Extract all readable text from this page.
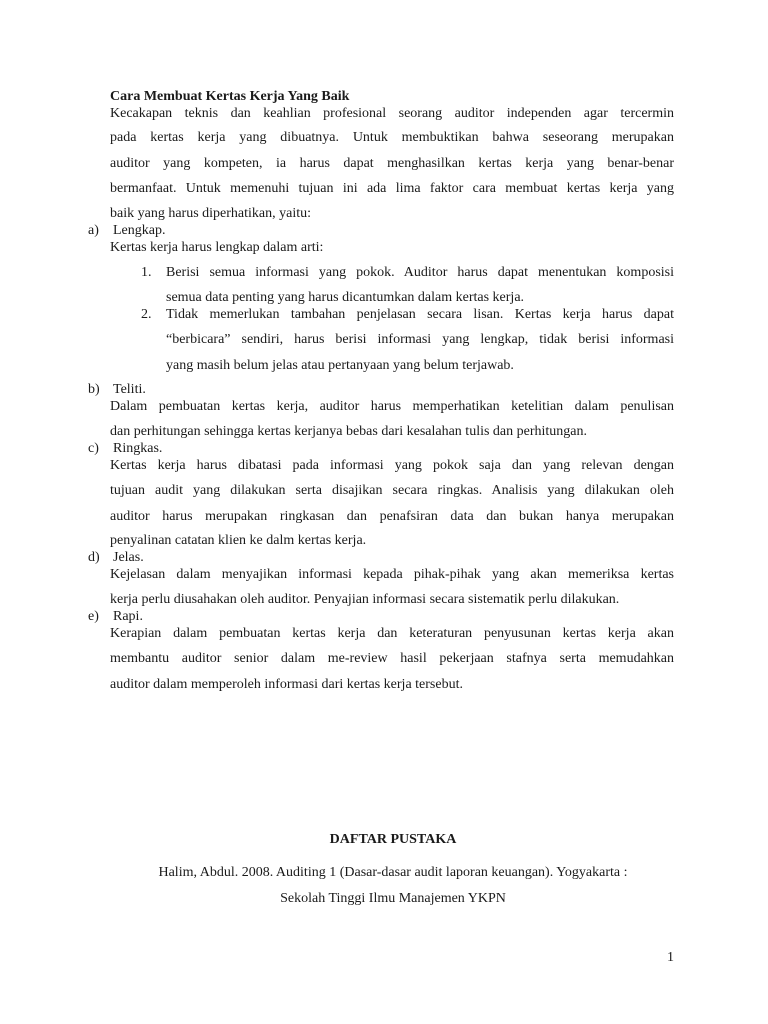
Cara Membuat Kertas Kerja Yang Baik
Kecakapan teknis dan keahlian profesional seorang auditor independen agar tercermin
pada kertas kerja yang dibuatnya. Untuk membuktikan bahwa seseorang merupakan
auditor yang kompeten, ia harus dapat menghasilkan kertas kerja yang benar-benar
bermanfaat. Untuk memenuhi tujuan ini ada lima faktor cara membuat kertas kerja yang
baik yang harus diperhatikan, yaitu:
a) Lengkap.
Kertas kerja harus lengkap dalam arti:
1. Berisi semua informasi yang pokok. Auditor harus dapat menentukan komposisi
semua data penting yang harus dicantumkan dalam kertas kerja.
2. Tidak memerlukan tambahan penjelasan secara lisan. Kertas kerja harus dapat
“berbicara” sendiri, harus berisi informasi yang lengkap, tidak berisi informasi
yang masih belum jelas atau pertanyaan yang belum terjawab.
b) Teliti.
Dalam pembuatan kertas kerja, auditor harus memperhatikan ketelitian dalam penulisan
dan perhitungan sehingga kertas kerjanya bebas dari kesalahan tulis dan perhitungan.
c) Ringkas.
Kertas kerja harus dibatasi pada informasi yang pokok saja dan yang relevan dengan
tujuan audit yang dilakukan serta disajikan secara ringkas. Analisis yang dilakukan oleh
auditor harus merupakan ringkasan dan penafsiran data dan bukan hanya merupakan
penyalinan catatan klien ke dalm kertas kerja.
d) Jelas.
Kejelasan dalam menyajikan informasi kepada pihak-pihak yang akan memeriksa kertas
kerja perlu diusahakan oleh auditor. Penyajian informasi secara sistematik perlu dilakukan.
e) Rapi.
Kerapian dalam pembuatan kertas kerja dan keteraturan penyusunan kertas kerja akan
membantu auditor senior dalam me-review hasil pekerjaan stafnya serta memudahkan
auditor dalam memperoleh informasi dari kertas kerja tersebut.
DAFTAR PUSTAKA
Halim, Abdul. 2008. Auditing 1 (Dasar-dasar audit laporan keuangan). Yogyakarta :
Sekolah Tinggi Ilmu Manajemen YKPN
1
